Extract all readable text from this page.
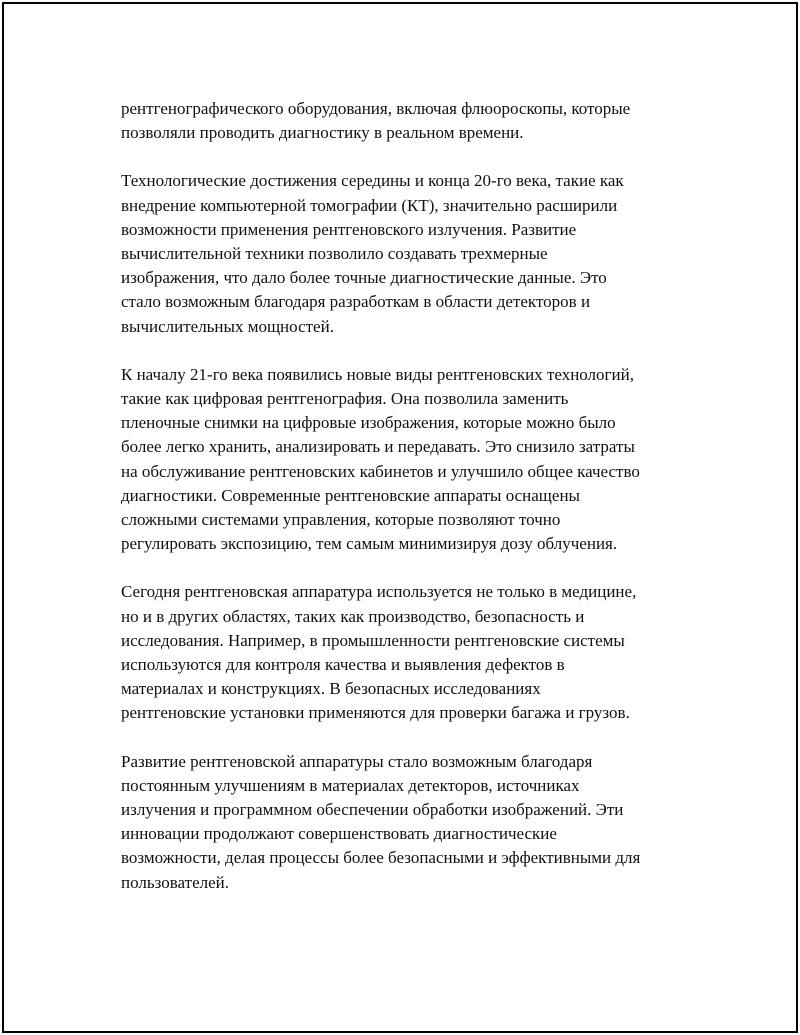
рентгенографического оборудования, включая флюороскопы, которые
позволяли проводить диагностику в реальном времени.

Технологические достижения середины и конца 20-го века, такие как
внедрение компьютерной томографии (КТ), значительно расширили
возможности применения рентгеновского излучения. Развитие
вычислительной техники позволило создавать трехмерные
изображения, что дало более точные диагностические данные. Это
стало возможным благодаря разработкам в области детекторов и
вычислительных мощностей.

К началу 21-го века появились новые виды рентгеновских технологий,
такие как цифровая рентгенография. Она позволила заменить
пленочные снимки на цифровые изображения, которые можно было
более легко хранить, анализировать и передавать. Это снизило затраты
на обслуживание рентгеновских кабинетов и улучшило общее качество
диагностики. Современные рентгеновские аппараты оснащены
сложными системами управления, которые позволяют точно
регулировать экспозицию, тем самым минимизируя дозу облучения.

Сегодня рентгеновская аппаратура используется не только в медицине,
но и в других областях, таких как производство, безопасность и
исследования. Например, в промышленности рентгеновские системы
используются для контроля качества и выявления дефектов в
материалах и конструкциях. В безопасных исследованиях
рентгеновские установки применяются для проверки багажа и грузов.

Развитие рентгеновской аппаратуры стало возможным благодаря
постоянным улучшениям в материалах детекторов, источниках
излучения и программном обеспечении обработки изображений. Эти
инновации продолжают совершенствовать диагностические
возможности, делая процессы более безопасными и эффективными для
пользователей.
